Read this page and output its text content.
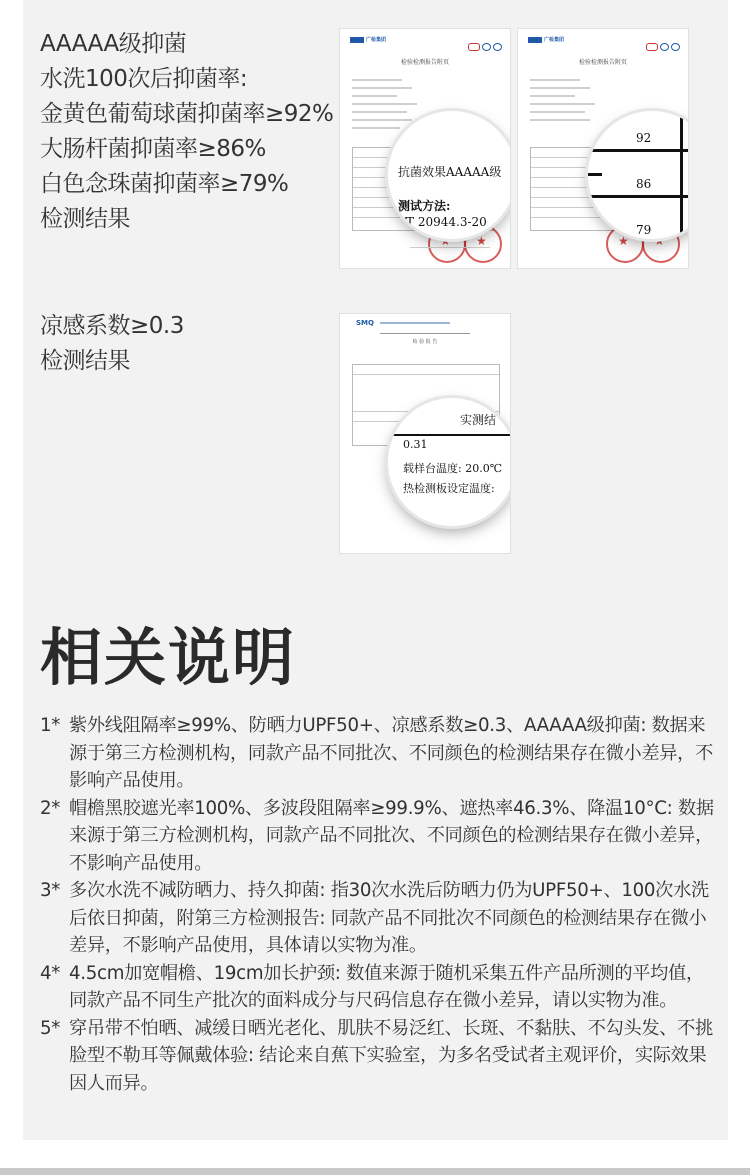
AAAAA级抑菌
水洗100次后抑菌率:
金黄色葡萄球菌抑菌率≥92%
大肠杆菌抑菌率≥86%
白色念珠菌抑菌率≥79%
检测结果
广检集团
检验检测报告附页
★
★
抗菌效果AAAAA级
测试方法:
/T 20944.3-20
广检集团
检验检测报告附页
★
★
92
86
79
凉感系数≥0.3
检测结果
SMQ
检 验 报 告
实测结
0.31
载样台温度: 20.0℃
热检测板设定温度:
相关说明
1* 紫外线阻隔率≥99%、防晒力UPF50+、凉感系数≥0.3、AAAAA级抑菌: 数据来源于第三方检测机构，同款产品不同批次、不同颜色的检测结果存在微小差异，不影响产品使用。
2* 帽檐黑胶遮光率100%、多波段阻隔率≥99.9%、遮热率46.3%、降温10°C: 数据来源于第三方检测机构，同款产品不同批次、不同颜色的检测结果存在微小差异，不影响产品使用。
3* 多次水洗不减防晒力、持久抑菌: 指30次水洗后防晒力仍为UPF50+、100次水洗后依日抑菌，附第三方检测报告: 同款产品不同批次不同颜色的检测结果存在微小差异，不影响产品使用，具体请以实物为准。
4* 4.5cm加宽帽檐、19cm加长护颈: 数值来源于随机采集五件产品所测的平均值，同款产品不同生产批次的面料成分与尺码信息存在微小差异，请以实物为准。
5* 穿吊带不怕晒、减缓日晒光老化、肌肤不易泛红、长斑、不黏肤、不勾头发、不挑脸型不勒耳等佩戴体验: 结论来自蕉下实验室，为多名受试者主观评价，实际效果因人而异。
